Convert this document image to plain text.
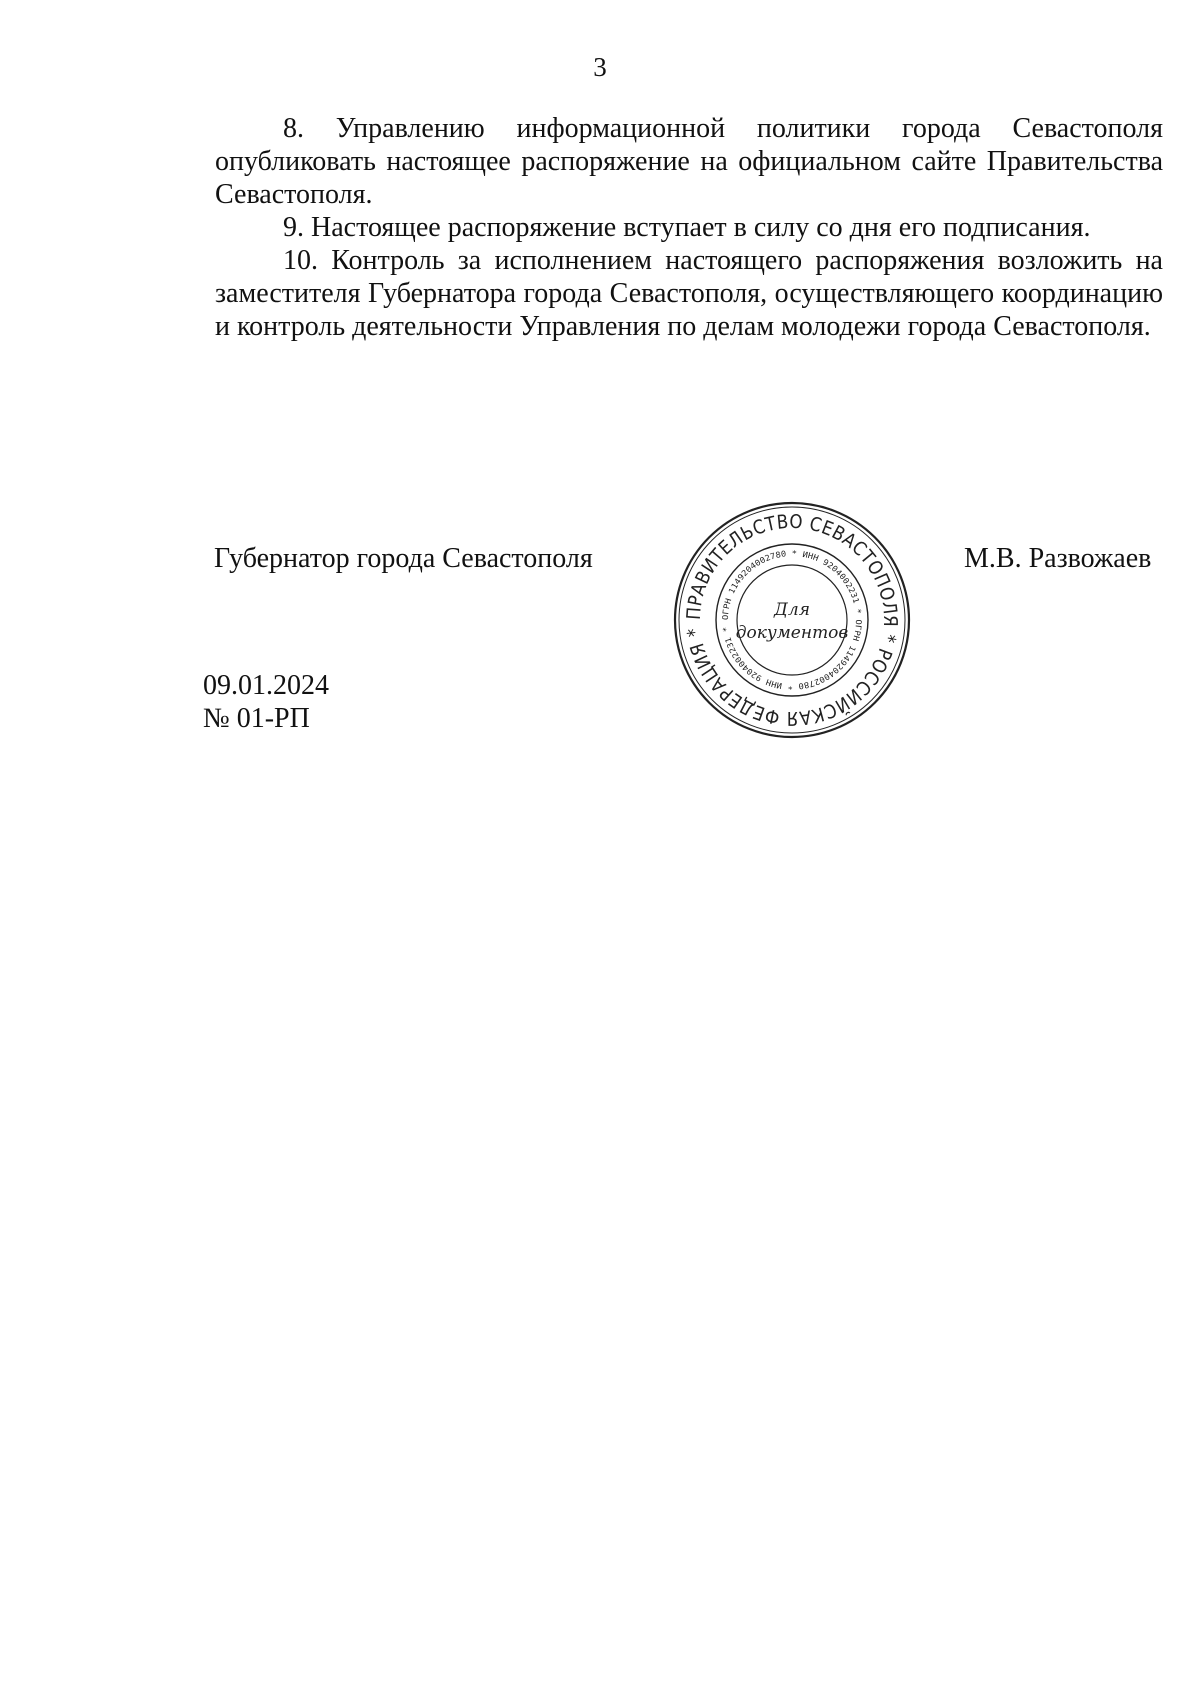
3

8. Управлению информационной политики города Севастополя опубликовать настоящее распоряжение на официальном сайте Правительства Севастополя.

9. Настоящее распоряжение вступает в силу со дня его подписания.

10. Контроль за исполнением настоящего распоряжения возложить на заместителя Губернатора города Севастополя, осуществляющего координацию и контроль деятельности Управления по делам молодежи города Севастополя.

Губернатор города Севастополя
ПРАВИТЕЛЬСТВО СЕВАСТОПОЛЯ * РОССИЙСКАЯ ФЕДЕРАЦИЯ *
ОГРН 1149204002780 * ИНН 9204002231 * ОГРН 1149204002780 * ИНН 9204002231 *
Для
документов
М.В. Развожаев
09.01.2024
№ 01-РП
